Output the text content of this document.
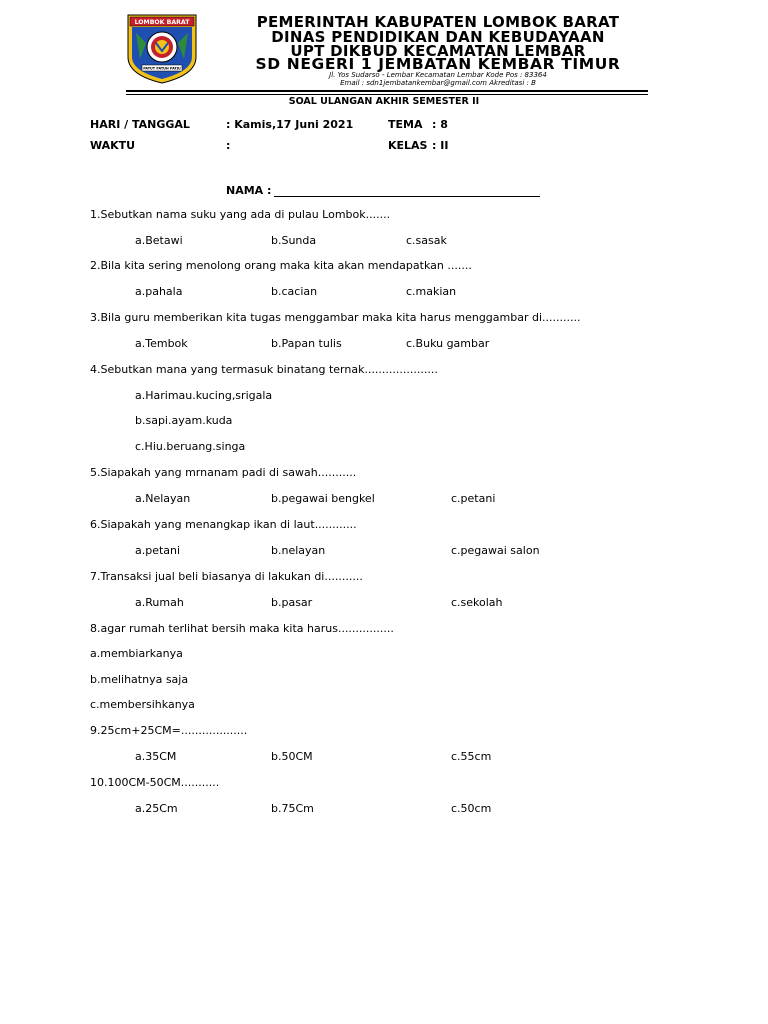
LOMBOK BARAT
PATUT PATUH PATJU
PEMERINTAH KABUPATEN LOMBOK BARAT
DINAS PENDIDIKAN DAN KEBUDAYAAN
UPT DIKBUD KECAMATAN LEMBAR
SD NEGERI 1 JEMBATAN KEMBAR TIMUR
Jl. Yos Sudarso - Lembar Kecamatan Lembar Kode Pos : 83364
Email : sdn1jembatankembar@gmail.com Akreditasi : B
SOAL ULANGAN AKHIR SEMESTER II
HARI / TANGGAL	: Kamis,17 Juni 2021	TEMA : 8
WAKTU	:	KELAS : II
NAMA :
1.Sebutkan nama suku yang ada di pulau Lombok.......
a.Betawi	b.Sunda	c.sasak
2.Bila kita sering menolong orang maka kita akan mendapatkan .......
a.pahala	b.cacian	c.makian
3.Bila guru memberikan kita tugas menggambar maka kita harus menggambar di...........
a.Tembok	b.Papan tulis	c.Buku gambar
4.Sebutkan mana yang termasuk binatang ternak.....................
a.Harimau.kucing,srigala
b.sapi.ayam.kuda
c.Hiu.beruang.singa
5.Siapakah yang mrnanam padi di sawah...........
a.Nelayan	b.pegawai bengkel	c.petani
6.Siapakah yang menangkap ikan di laut............
a.petani	b.nelayan	c.pegawai salon
7.Transaksi jual beli biasanya di lakukan di...........
a.Rumah	b.pasar	c.sekolah
8.agar rumah terlihat bersih maka kita harus................
a.membiarkanya
b.melihatnya saja
c.membersihkanya
9.25cm+25CM=...................
a.35CM	b.50CM	c.55cm
10.100CM-50CM...........
a.25Cm	b.75Cm	c.50cm
